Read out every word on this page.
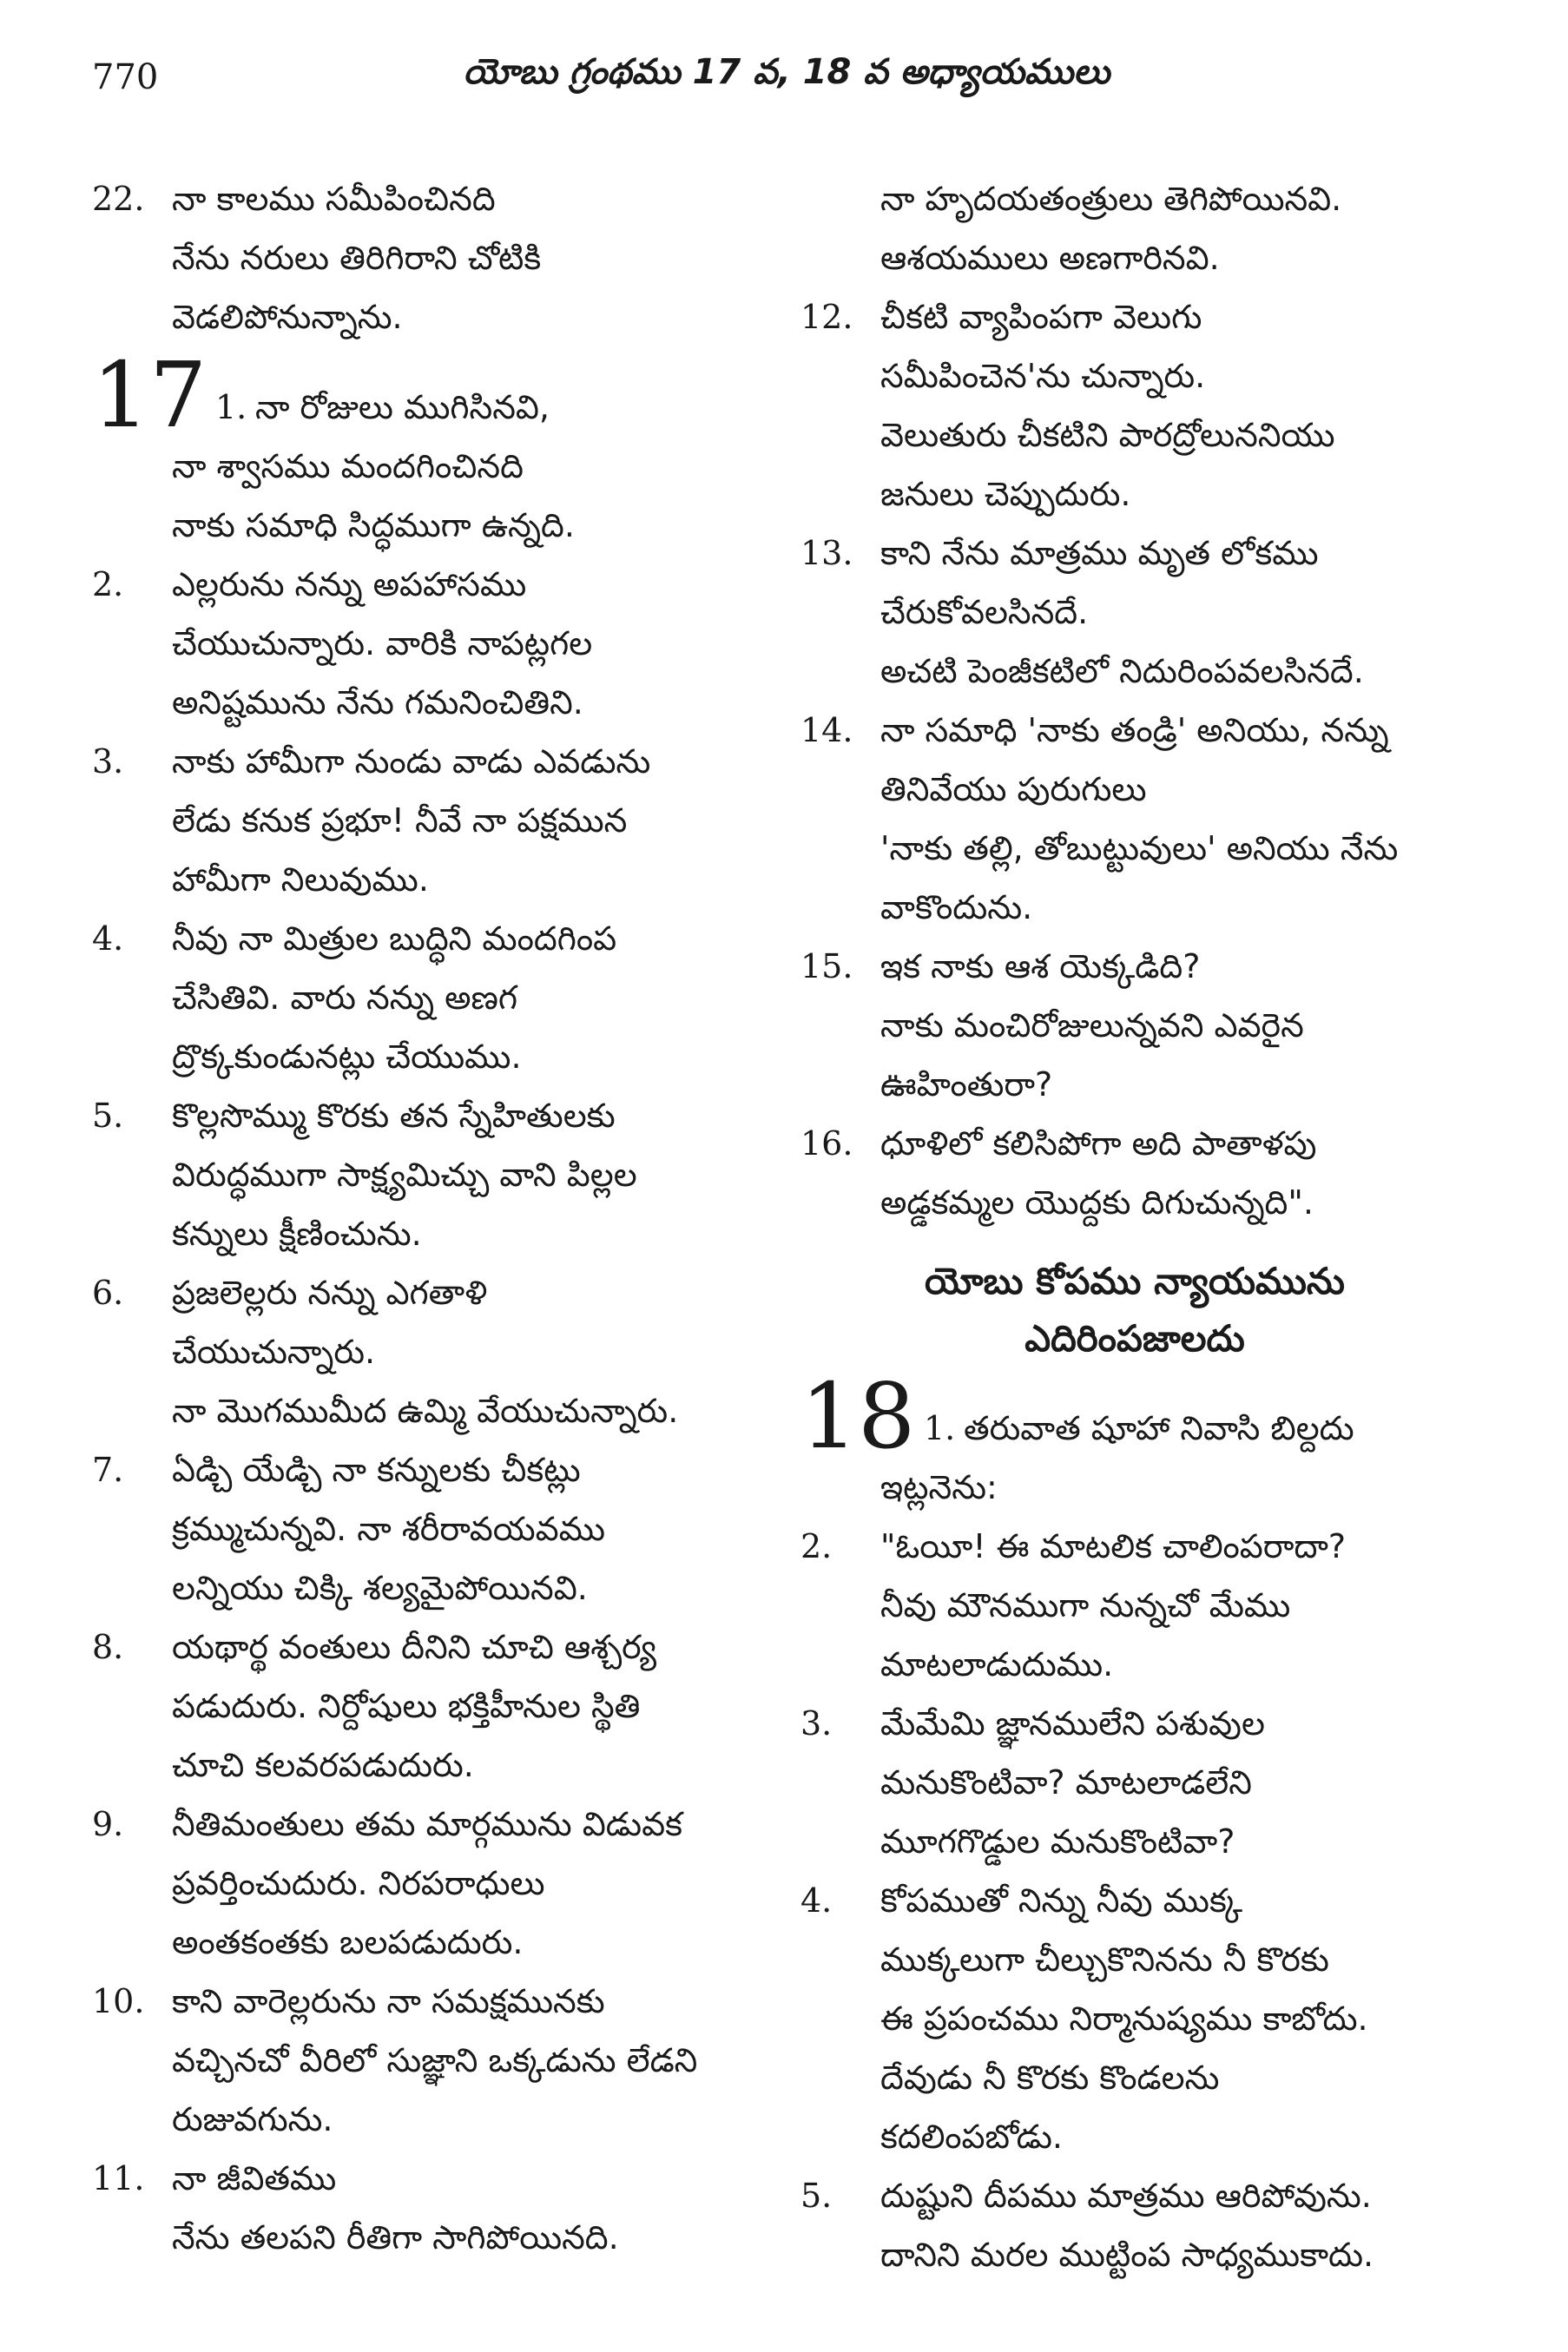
770	యోబు గ్రంథము 17 వ, 18 వ అధ్యాయములు
22. నా కాలము సమీపించినది
నేను నరులు తిరిగిరాని చోటికి
వెడలిపోనున్నాను.
17 1. నా రోజులు ముగిసినవి,
నా శ్వాసము మందగించినది
నాకు సమాధి సిద్ధముగా ఉన్నది.
2. ఎల్లరును నన్ను అపహాసము
చేయుచున్నారు. వారికి నాపట్లగల
అనిష్టమును నేను గమనించితిని.
3. నాకు హామీగా నుండు వాడు ఎవడును
లేడు కనుక ప్రభూ! నీవే నా పక్షమున
హామీగా నిలువుము.
4. నీవు నా మిత్రుల బుద్ధిని మందగింప
చేసితివి. వారు నన్ను అణగ
ద్రొక్కకుండునట్లు చేయుము.
5. కొల్లసొమ్ము కొరకు తన స్నేహితులకు
విరుద్ధముగా సాక్ష్యమిచ్చు వాని పిల్లల
కన్నులు క్షీణించును.
6. ప్రజలెల్లరు నన్ను ఎగతాళి
చేయుచున్నారు.
నా మొగముమీద ఉమ్మి వేయుచున్నారు.
7. ఏడ్చి యేడ్చి నా కన్నులకు చీకట్లు
క్రమ్ముచున్నవి. నా శరీరావయవము
లన్నియు చిక్కి శల్యమైపోయినవి.
8. యథార్థ వంతులు దీనిని చూచి ఆశ్చర్య
పడుదురు. నిర్దోషులు భక్తిహీనుల స్థితి
చూచి కలవరపడుదురు.
9. నీతిమంతులు తమ మార్గమును విడువక
ప్రవర్తించుదురు. నిరపరాధులు
అంతకంతకు బలపడుదురు.
10. కాని వారెల్లరును నా సమక్షమునకు
వచ్చినచో వీరిలో సుజ్ఞాని ఒక్కడును లేడని
రుజువగును.
11. నా జీవితము
నేను తలపని రీతిగా సాగిపోయినది.
నా హృదయతంత్రులు తెగిపోయినవి.
ఆశయములు అణగారినవి.
12. చీకటి వ్యాపింపగా వెలుగు
సమీపించెన'ను చున్నారు.
వెలుతురు చీకటిని పారద్రోలుననియు
జనులు చెప్పుదురు.
13. కాని నేను మాత్రము మృత లోకము
చేరుకోవలసినదే.
అచటి పెంజీకటిలో నిదురింపవలసినదే.
14. నా సమాధి 'నాకు తండ్రి' అనియు, నన్ను
తినివేయు పురుగులు
'నాకు తల్లి, తోబుట్టువులు' అనియు నేను
వాకొందును.
15. ఇక నాకు ఆశ యెక్కడిది?
నాకు మంచిరోజులున్నవని ఎవరైన
ఊహింతురా?
16. ధూళిలో కలిసిపోగా అది పాతాళపు
అడ్డకమ్మల యొద్దకు దిగుచున్నది".
యోబు కోపము న్యాయమును
ఎదిరింపజాలదు
18 1. తరువాత షూహా నివాసి బిల్దదు
ఇట్లనెను:
2. "ఓయీ! ఈ మాటలిక చాలింపరాదా?
నీవు మౌనముగా నున్నచో మేము
మాటలాడుదుము.
3. మేమేమి జ్ఞానములేని పశువుల
మనుకొంటివా? మాటలాడలేని
మూగగొడ్డుల మనుకొంటివా?
4. కోపముతో నిన్ను నీవు ముక్క
ముక్కలుగా చీల్చుకొనినను నీ కొరకు
ఈ ప్రపంచము నిర్మానుష్యము కాబోదు.
దేవుడు నీ కొరకు కొండలను
కదలింపబోడు.
5. దుష్టుని దీపము మాత్రము ఆరిపోవును.
దానిని మరల ముట్టింప సాధ్యముకాదు.
